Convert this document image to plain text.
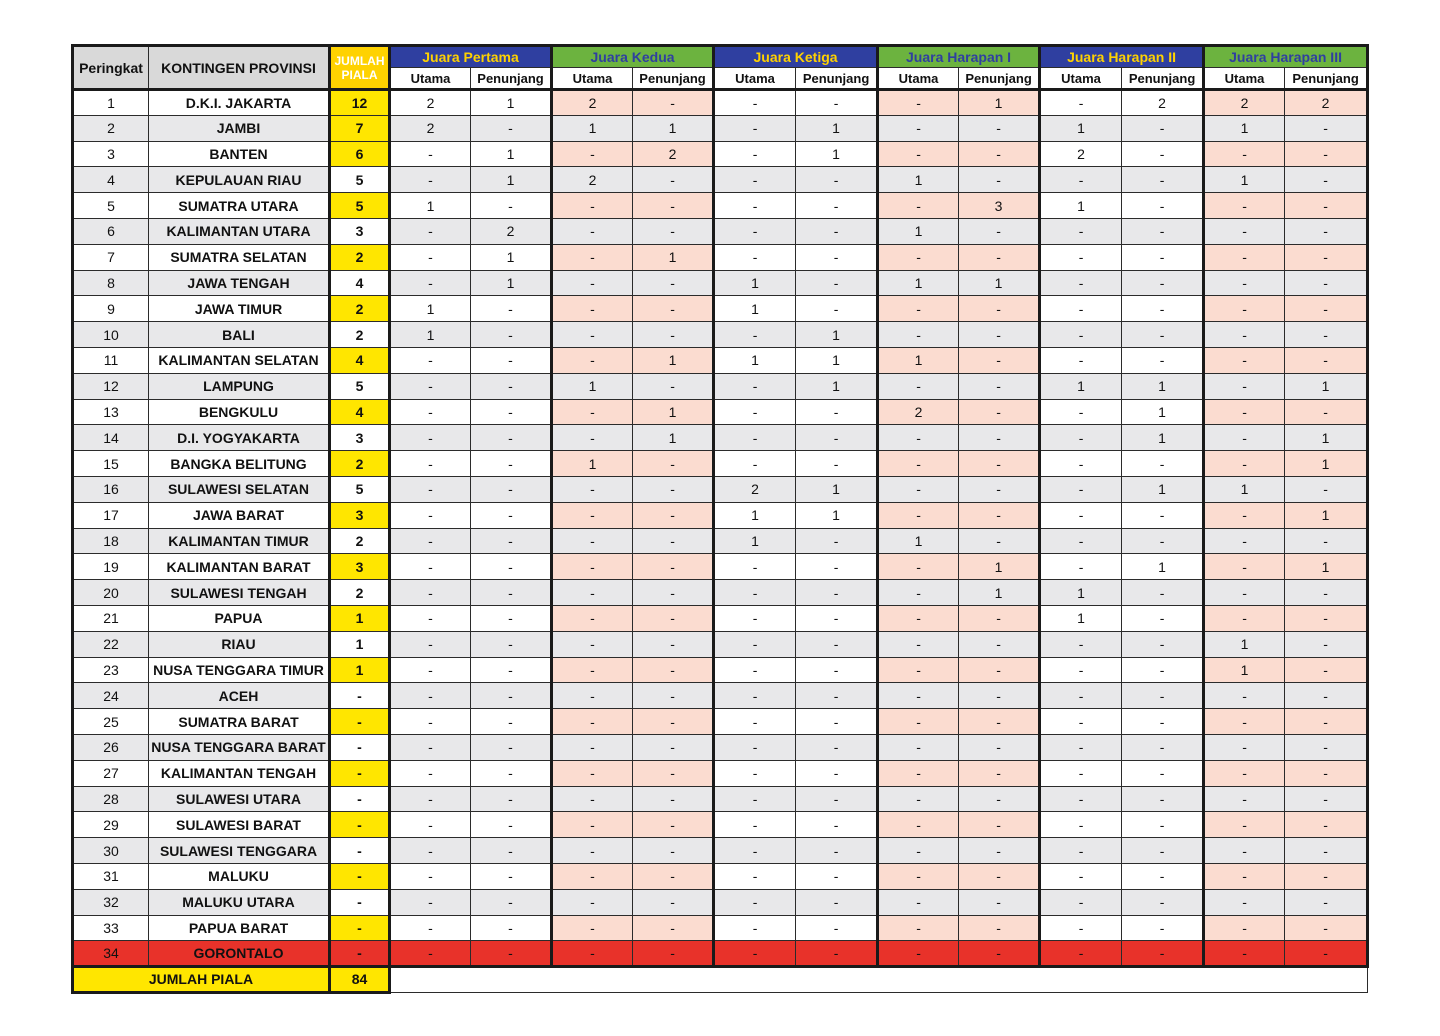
Peringkat	KONTINGEN PROVINSI	JUMLAH
PIALA	Juara Pertama		Juara Kedua		Juara Ketiga		Juara Harapan I		Juara Harapan II		Juara Harapan III	
			Utama	Penunjang	Utama	Penunjang	Utama	Penunjang	Utama	Penunjang	Utama	Penunjang	Utama	Penunjang
1	D.K.I. JAKARTA	12	2	1	2	-	-	-	-	1	-	2	2	2
2	JAMBI	7	2	-	1	1	-	1	-	-	1	-	1	-
3	BANTEN	6	-	1	-	2	-	1	-	-	2	-	-	-
4	KEPULAUAN RIAU	5	-	1	2	-	-	-	1	-	-	-	1	-
5	SUMATRA UTARA	5	1	-	-	-	-	-	-	3	1	-	-	-
6	KALIMANTAN UTARA	3	-	2	-	-	-	-	1	-	-	-	-	-
7	SUMATRA SELATAN	2	-	1	-	1	-	-	-	-	-	-	-	-
8	JAWA TENGAH	4	-	1	-	-	1	-	1	1	-	-	-	-
9	JAWA TIMUR	2	1	-	-	-	1	-	-	-	-	-	-	-
10	BALI	2	1	-	-	-	-	1	-	-	-	-	-	-
11	KALIMANTAN SELATAN	4	-	-	-	1	1	1	1	-	-	-	-	-
12	LAMPUNG	5	-	-	1	-	-	1	-	-	1	1	-	1
13	BENGKULU	4	-	-	-	1	-	-	2	-	-	1	-	-
14	D.I. YOGYAKARTA	3	-	-	-	1	-	-	-	-	-	1	-	1
15	BANGKA BELITUNG	2	-	-	1	-	-	-	-	-	-	-	-	1
16	SULAWESI SELATAN	5	-	-	-	-	2	1	-	-	-	1	1	-
17	JAWA BARAT	3	-	-	-	-	1	1	-	-	-	-	-	1
18	KALIMANTAN TIMUR	2	-	-	-	-	1	-	1	-	-	-	-	-
19	KALIMANTAN BARAT	3	-	-	-	-	-	-	-	1	-	1	-	1
20	SULAWESI TENGAH	2	-	-	-	-	-	-	-	1	1	-	-	-
21	PAPUA	1	-	-	-	-	-	-	-	-	1	-	-	-
22	RIAU	1	-	-	-	-	-	-	-	-	-	-	1	-
23	NUSA TENGGARA TIMUR	1	-	-	-	-	-	-	-	-	-	-	1	-
24	ACEH	-	-	-	-	-	-	-	-	-	-	-	-	-
25	SUMATRA BARAT	-	-	-	-	-	-	-	-	-	-	-	-	-
26	NUSA TENGGARA BARAT	-	-	-	-	-	-	-	-	-	-	-	-	-
27	KALIMANTAN TENGAH	-	-	-	-	-	-	-	-	-	-	-	-	-
28	SULAWESI UTARA	-	-	-	-	-	-	-	-	-	-	-	-	-
29	SULAWESI BARAT	-	-	-	-	-	-	-	-	-	-	-	-	-
30	SULAWESI TENGGARA	-	-	-	-	-	-	-	-	-	-	-	-	-
31	MALUKU	-	-	-	-	-	-	-	-	-	-	-	-	-
32	MALUKU UTARA	-	-	-	-	-	-	-	-	-	-	-	-	-
33	PAPUA BARAT	-	-	-	-	-	-	-	-	-	-	-	-	-
34	GORONTALO	-	-	-	-	-	-	-	-	-	-	-	-	-
JUMLAH PIALA		84												
